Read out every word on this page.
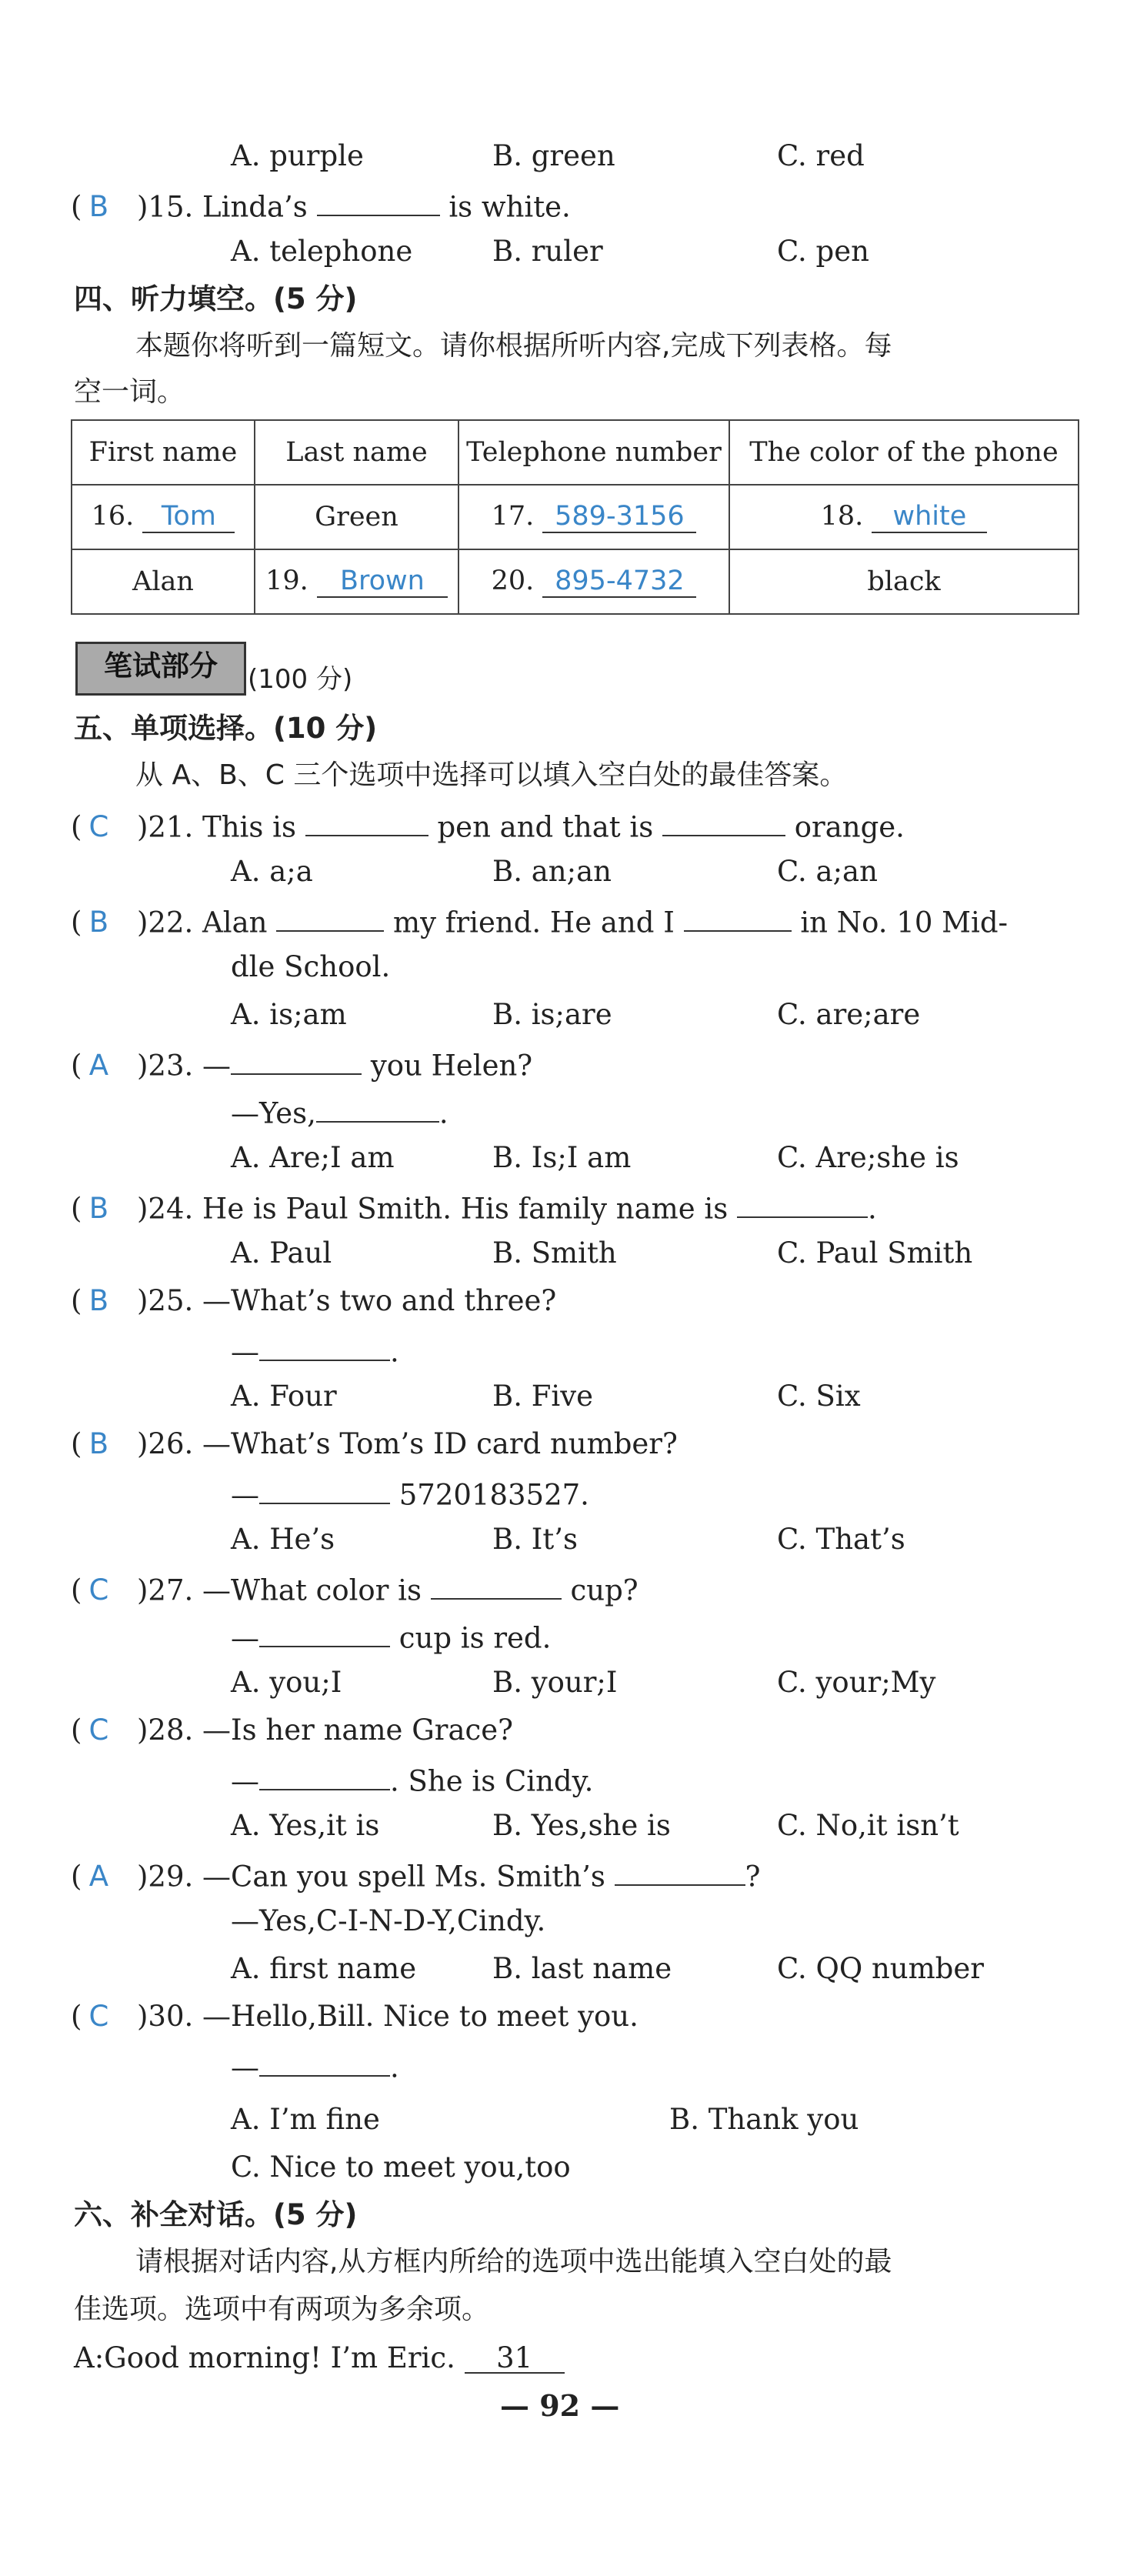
A. purple	B. green	C. red
( B )15. Linda’s	is white.
A. telephone	B. ruler	C. pen
四、听力填空。(5 分)
本题你将听到一篇短文。请你根据所听内容,完成下列表格。每
空一词。
First name	Last name	Telephone number	The color of the phone
16. Tom	Green	17. 589-3156	18. white
Alan	19. Brown	20. 895-4732	black
笔试部分	(100 分)
五、单项选择。(10 分)
从 A、B、C 三个选项中选择可以填入空白处的最佳答案。
( C )21. This is	pen and that is	orange.
A. a;a	B. an;an	C. a;an
( B )22. Alan	my friend. He and I	in No. 10 Mid-
dle School.
A. is;am	B. is;are	C. are;are
( A )23. —	you Helen?
—Yes,	.
A. Are;I am	B. Is;I am	C. Are;she is
( B )24. He is Paul Smith. His family name is	.
A. Paul	B. Smith	C. Paul Smith
( B )25. —What’s two and three?
—	.
A. Four	B. Five	C. Six
( B )26. —What’s Tom’s ID card number?
—	5720183527.
A. He’s	B. It’s	C. That’s
( C )27. —What color is	cup?
—	cup is red.
A. you;I	B. your;I	C. your;My
( C )28. —Is her name Grace?
—	. She is Cindy.
A. Yes,it is	B. Yes,she is	C. No,it isn’t
( A )29. —Can you spell Ms. Smith’s	?
—Yes,C-I-N-D-Y,Cindy.
A. first name	B. last name	C. QQ number
( C )30. —Hello,Bill. Nice to meet you.
—	.
A. I’m fine	B. Thank you
C. Nice to meet you,too
六、补全对话。(5 分)
请根据对话内容,从方框内所给的选项中选出能填入空白处的最
佳选项。选项中有两项为多余项。
A:Good morning! I’m Eric. 31
— 92 —
